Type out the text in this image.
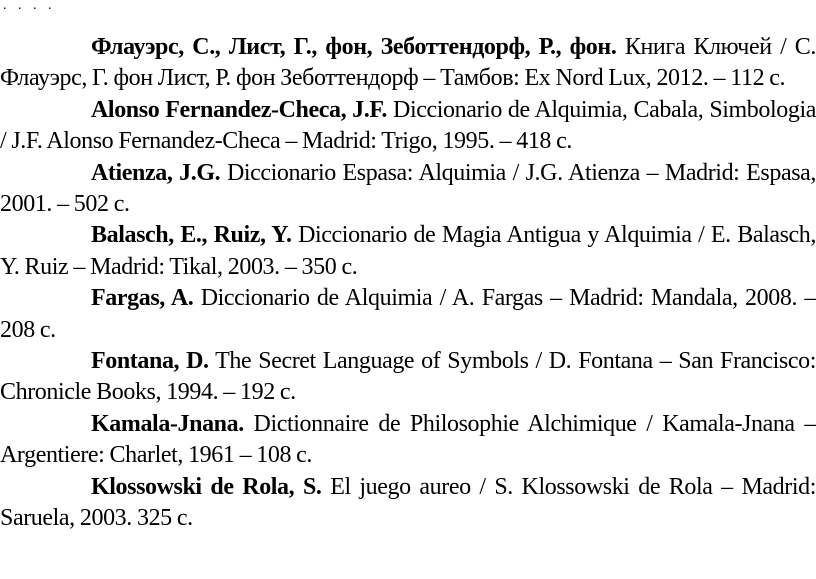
. . . .

Флауэрс, С., Лист, Г., фон, Зеботтендорф, Р., фон. Книга Ключей / С. Флауэрс, Г. фон Лист, Р. фон Зеботтендорф – Тамбов: Ex Nord Lux, 2012. – 112 с.

Alonso Fernandez-Checa, J.F. Diccionario de Alquimia, Cabala, Simbologia / J.F. Alonso Fernandez-Checa – Madrid: Trigo, 1995. – 418 с.

Atienza, J.G. Diccionario Espasa: Alquimia / J.G. Atienza – Madrid: Espasa, 2001. – 502 с.

Balasch, E., Ruiz, Y. Diccionario de Magia Antigua y Alquimia / E. Balasch, Y. Ruiz – Madrid: Tikal, 2003. – 350 с.

Fargas, A. Diccionario de Alquimia / A. Fargas – Madrid: Mandala, 2008. – 208 с.

Fontana, D. The Secret Language of Symbols / D. Fontana – San Francisco: Chronicle Books, 1994. – 192 с.

Kamala-Jnana. Dictionnaire de Philosophie Alchimique / Kamala-Jnana – Argentiere: Charlet, 1961 – 108 с.

Klossowski de Rola, S. El juego aureo / S. Klossowski de Rola – Madrid: Saruela, 2003. 325 с.
